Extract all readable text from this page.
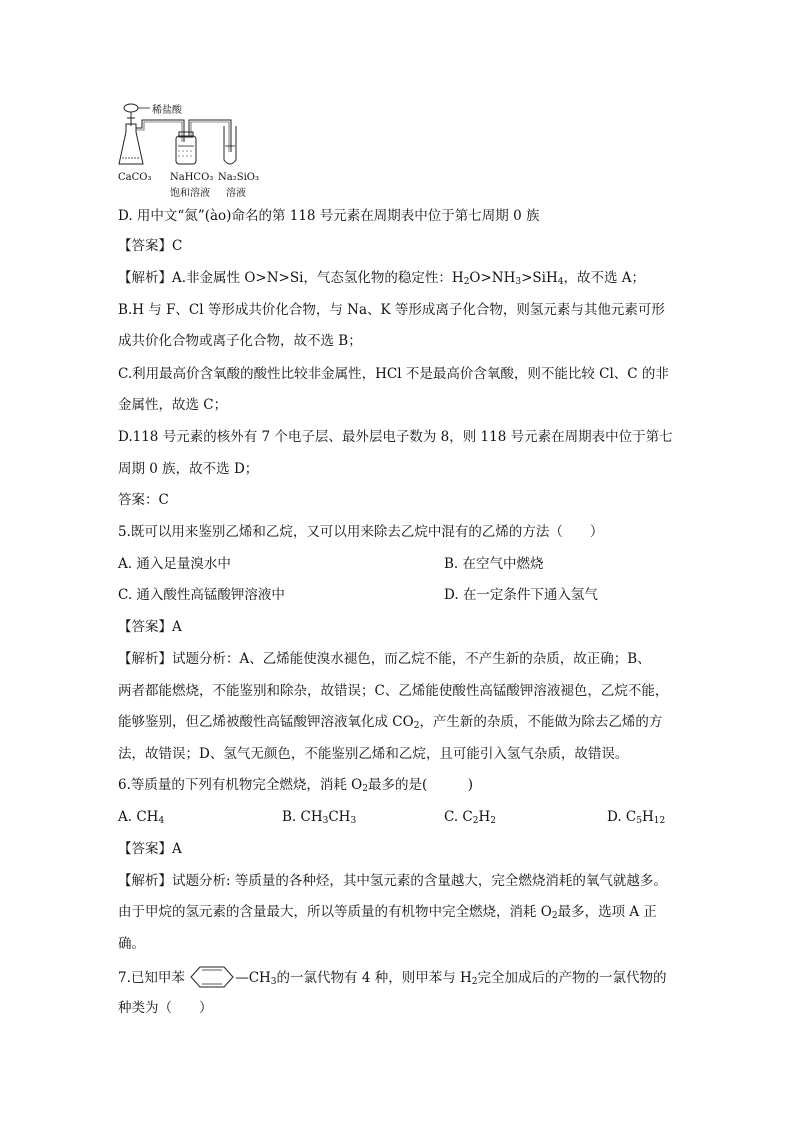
稀盐酸
CaCO₃ NaHCO₃
饱和溶液
Na₂SiO₃
溶液
D. 用中文“氮”(ào)命名的第 118 号元素在周期表中位于第七周期 0 族
【答案】C
【解析】A.非金属性 O>N>Si，气态氢化物的稳定性：$H_2O>NH_3>SiH_4$，故不选 A；
B.H 与 F、Cl 等形成共价化合物，与 Na、K 等形成离子化合物，则氢元素与其他元素可形
成共价化合物或离子化合物，故不选 B；
C.利用最高价含氧酸的酸性比较非金属性，HCl 不是最高价含氧酸，则不能比较 Cl、C 的非
金属性，故选 C；
D.118 号元素的核外有 7 个电子层、最外层电子数为 8，则 118 号元素在周期表中位于第七
周期 0 族，故不选 D；
答案：C
5.既可以用来鉴别乙烯和乙烷，又可以用来除去乙烷中混有的乙烯的方法（　　）
A. 通入足量溴水中	B. 在空气中燃烧
C. 通入酸性高锰酸钾溶液中	D. 在一定条件下通入氢气
【答案】A
【解析】试题分析：A、乙烯能使溴水褪色，而乙烷不能，不产生新的杂质，故正确；B、
两者都能燃烧，不能鉴别和除杂，故错误；C、乙烯能使酸性高锰酸钾溶液褪色，乙烷不能，
能够鉴别，但乙烯被酸性高锰酸钾溶液氧化成 $CO_2$，产生新的杂质，不能做为除去乙烯的方
法，故错误；D、氢气无颜色，不能鉴别乙烯和乙烷，且可能引入氢气杂质，故错误。
6.等质量的下列有机物完全燃烧，消耗 $O_2$最多的是(　　　)
A. $CH_4$	B. $CH_3CH_3$	C. $C_2H_2$	D. $C_5H_{12}$
【答案】A
【解析】试题分析: 等质量的各种烃，其中氢元素的含量越大，完全燃烧消耗的氧气就越多。
由于甲烷的氢元素的含量最大，所以等质量的有机物中完全燃烧，消耗 $O_2$最多，选项 A 正
确。
7.已知甲苯	$—CH_3$的一氯代物有 4 种，则甲苯与 $H_2$完全加成后的产物的一氯代物的
种类为（　　）
